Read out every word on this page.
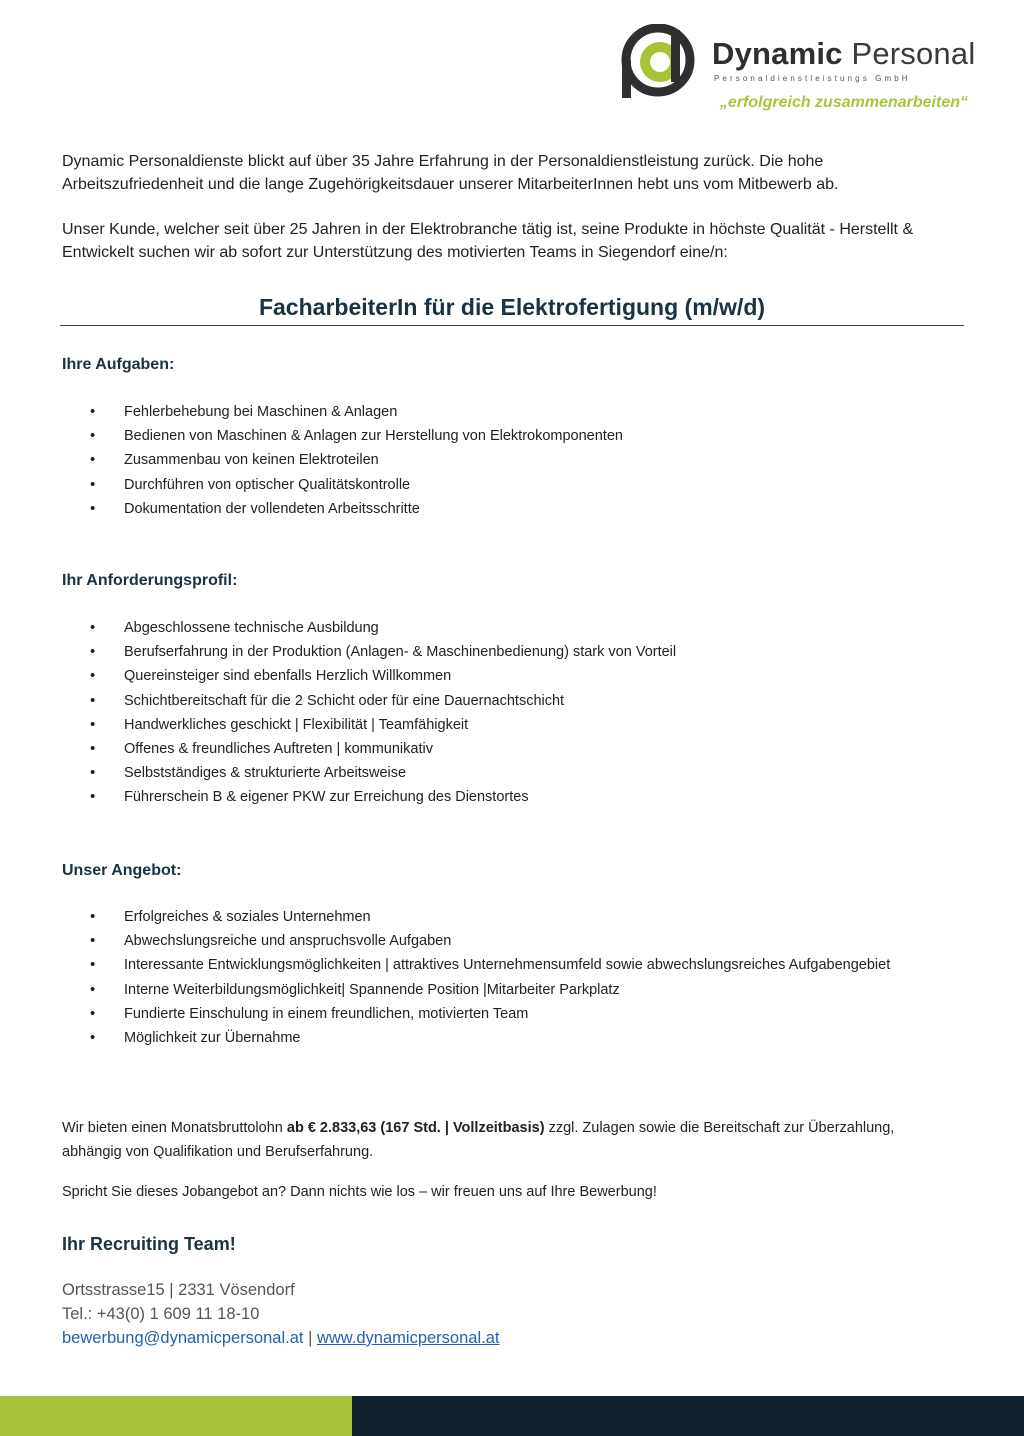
Dynamic Personal
Personaldienstleistungs GmbH
„erfolgreich zusammenarbeiten“

Dynamic Personaldienste blickt auf über 35 Jahre Erfahrung in der Personaldienstleistung zurück. Die hohe Arbeitszufriedenheit und die lange Zugehörigkeitsdauer unserer MitarbeiterInnen hebt uns vom Mitbewerb ab.

Unser Kunde, welcher seit über 25 Jahren in der Elektrobranche tätig ist, seine Produkte in höchste Qualität - Herstellt & Entwickelt suchen wir ab sofort zur Unterstützung des motivierten Teams in Siegendorf eine/n:

FacharbeiterIn für die Elektrofertigung (m/w/d)
Ihre Aufgaben:
• Fehlerbehebung bei Maschinen & Anlagen
• Bedienen von Maschinen & Anlagen zur Herstellung von Elektrokomponenten
• Zusammenbau von keinen Elektroteilen
• Durchführen von optischer Qualitätskontrolle
• Dokumentation der vollendeten Arbeitsschritte
Ihr Anforderungsprofil:
• Abgeschlossene technische Ausbildung
• Berufserfahrung in der Produktion (Anlagen- & Maschinenbedienung) stark von Vorteil
• Quereinsteiger sind ebenfalls Herzlich Willkommen
• Schichtbereitschaft für die 2 Schicht oder für eine Dauernachtschicht
• Handwerkliches geschickt | Flexibilität | Teamfähigkeit
• Offenes & freundliches Auftreten | kommunikativ
• Selbstständiges & strukturierte Arbeitsweise
• Führerschein B & eigener PKW zur Erreichung des Dienstortes
Unser Angebot:
• Erfolgreiches & soziales Unternehmen
• Abwechslungsreiche und anspruchsvolle Aufgaben
• Interessante Entwicklungsmöglichkeiten | attraktives Unternehmensumfeld sowie abwechslungsreiches Aufgabengebiet
• Interne Weiterbildungsmöglichkeit| Spannende Position |Mitarbeiter Parkplatz
• Fundierte Einschulung in einem freundlichen, motivierten Team
• Möglichkeit zur Übernahme
Wir bieten einen Monatsbruttolohn ab € 2.833,63 (167 Std. | Vollzeitbasis) zzgl. Zulagen sowie die Bereitschaft zur Überzahlung, abhängig von Qualifikation und Berufserfahrung.
Spricht Sie dieses Jobangebot an? Dann nichts wie los – wir freuen uns auf Ihre Bewerbung!
Ihr Recruiting Team!
Ortsstrasse15 | 2331 Vösendorf
Tel.: +43(0) 1 609 11 18-10
bewerbung@dynamicpersonal.at | www.dynamicpersonal.at
